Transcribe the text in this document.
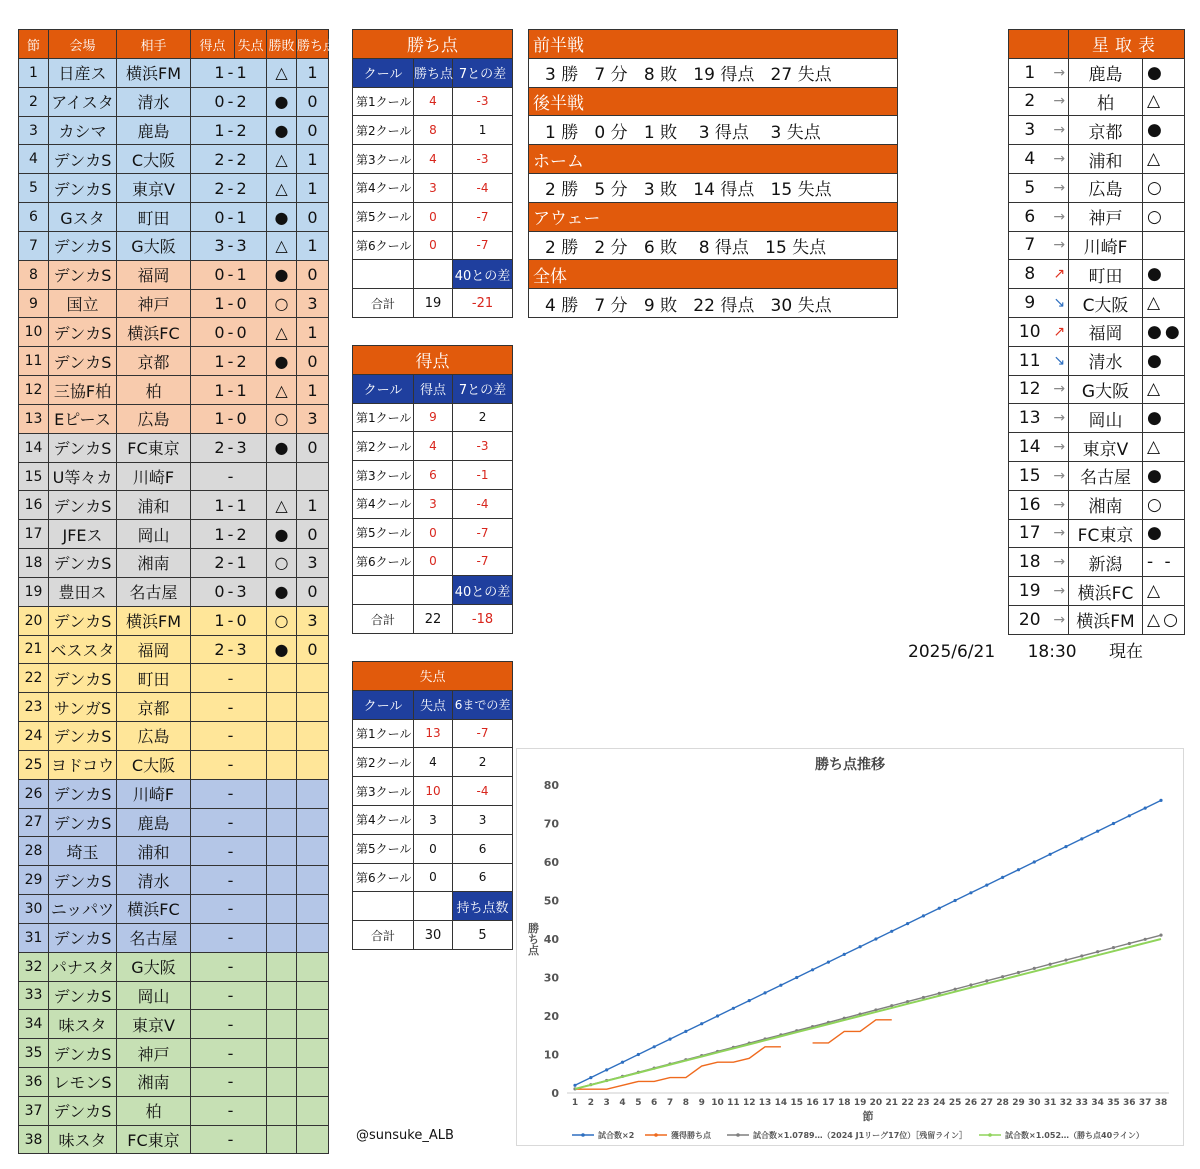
節	会場	相手	得点		失点	勝敗	勝ち点
1	日産ス	横浜FM	1	-	1	△	1
2	アイスタ	清水	0	-	2	●	0
3	カシマ	鹿島	1	-	2	●	0
4	デンカS	C大阪	2	-	2	△	1
5	デンカS	東京V	2	-	2	△	1
6	Gスタ	町田	0	-	1	●	0
7	デンカS	G大阪	3	-	3	△	1
8	デンカS	福岡	0	-	1	●	0
9	国立	神戸	1	-	0	○	3
10	デンカS	横浜FC	0	-	0	△	1
11	デンカS	京都	1	-	2	●	0
12	三協F柏	柏	1	-	1	△	1
13	Eピース	広島	1	-	0	○	3
14	デンカS	FC東京	2	-	3	●	0
15	U等々カ	川崎F		-			
16	デンカS	浦和	1	-	1	△	1
17	JFEス	岡山	1	-	2	●	0
18	デンカS	湘南	2	-	1	○	3
19	豊田ス	名古屋	0	-	3	●	0
20	デンカS	横浜FM	1	-	0	○	3
21	ベススタ	福岡	2	-	3	●	0
22	デンカS	町田		-			
23	サンガS	京都		-			
24	デンカS	広島		-			
25	ヨドコウ	C大阪		-			
26	デンカS	川崎F		-			
27	デンカS	鹿島		-			
28	埼玉	浦和		-			
29	デンカS	清水		-			
30	ニッパツ	横浜FC		-			
31	デンカS	名古屋		-			
32	パナスタ	G大阪		-			
33	デンカS	岡山		-			
34	味スタ	東京V		-			
35	デンカS	神戸		-			
36	レモンS	湘南		-			
37	デンカS	柏		-			
38	味スタ	FC東京		-			
勝ち点		
クール	勝ち点	7との差
第1クール	4	-3
第2クール	8	1
第3クール	4	-3
第4クール	3	-4
第5クール	0	-7
第6クール	0	-7
		40との差
合計	19	-21
得点		
クール	得点	7との差
第1クール	9	2
第2クール	4	-3
第3クール	6	-1
第4クール	3	-4
第5クール	0	-7
第6クール	0	-7
		40との差
合計	22	-18
失点		
クール	失点	6までの差
第1クール	13	-7
第2クール	4	2
第3クール	10	-4
第4クール	3	3
第5クール	0	6
第6クール	0	6
		持ち点数
合計	30	5
前半戦
3 勝   7 分   8 敗   19 得点   27 失点
後半戦
1 勝   0 分   1 敗    3 得点    3 失点
ホーム
2 勝   5 分   3 敗   14 得点   15 失点
アウェー
2 勝   2 分   6 敗    8 得点   15 失点
全体
4 勝   7 分   9 敗   22 得点   30 失点
		星取表	
1	→	鹿島	●
2	→	柏	△
3	→	京都	●
4	→	浦和	△
5	→	広島	○
6	→	神戸	○
7	→	川崎F	
8	↗	町田	●
9	↘	C大阪	△
10	↗	福岡	●●
11	↘	清水	●
12	→	G大阪	△
13	→	岡山	●
14	→	東京V	△
15	→	名古屋	●
16	→	湘南	○
17	→	FC東京	●
18	→	新潟	- -
19	→	横浜FC	△
20	→	横浜FM	△○
2025/6/21 18:30 現在
@sunsuke_ALB
勝ち点推移
0
10
20
30
40
50
60
70
80
1 2 3 4 5 6 7 8 9 10 11 12 13 14 15 16 17 18 19 20 21 22 23 24 25 26 27 28 29 30 31 32 33 34 35 36 37 38
節
勝ち点
試合数×2	獲得勝ち点	試合数×1.0789…（2024 J1リーグ17位）［残留ライン］	試合数×1.052…（勝ち点40ライン）
